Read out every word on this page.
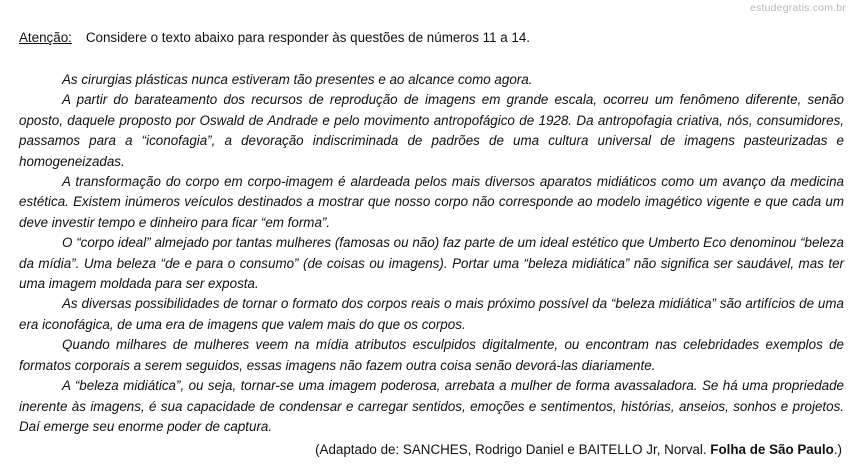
estudegratis.com.br
Atenção: Considere o texto abaixo para responder às questões de números 11 a 14.

As cirurgias plásticas nunca estiveram tão presentes e ao alcance como agora.

A partir do barateamento dos recursos de reprodução de imagens em grande escala, ocorreu um fenômeno diferente, senão oposto, daquele proposto por Oswald de Andrade e pelo movimento antropofágico de 1928. Da antropofagia criativa, nós, consumidores, passamos para a “iconofagia”, a devoração indiscriminada de padrões de uma cultura universal de imagens pasteurizadas e homogeneizadas.

A transformação do corpo em corpo-imagem é alardeada pelos mais diversos aparatos midiáticos como um avanço da medicina estética. Existem inúmeros veículos destinados a mostrar que nosso corpo não corresponde ao modelo imagético vigente e que cada um deve investir tempo e dinheiro para ficar “em forma”.

O “corpo ideal” almejado por tantas mulheres (famosas ou não) faz parte de um ideal estético que Umberto Eco denominou “beleza da mídia”. Uma beleza “de e para o consumo” (de coisas ou imagens). Portar uma “beleza midiática” não significa ser saudável, mas ter uma imagem moldada para ser exposta.

As diversas possibilidades de tornar o formato dos corpos reais o mais próximo possível da “beleza midiática” são artifícios de uma era iconofágica, de uma era de imagens que valem mais do que os corpos.

Quando milhares de mulheres veem na mídia atributos esculpidos digitalmente, ou encontram nas celebridades exemplos de formatos corporais a serem seguidos, essas imagens não fazem outra coisa senão devorá-las diariamente.

A “beleza midiática”, ou seja, tornar-se uma imagem poderosa, arrebata a mulher de forma avassaladora. Se há uma propriedade inerente às imagens, é sua capacidade de condensar e carregar sentidos, emoções e sentimentos, histórias, anseios, sonhos e projetos. Daí emerge seu enorme poder de captura.

(Adaptado de: SANCHES, Rodrigo Daniel e BAITELLO Jr, Norval. Folha de São Paulo.)
